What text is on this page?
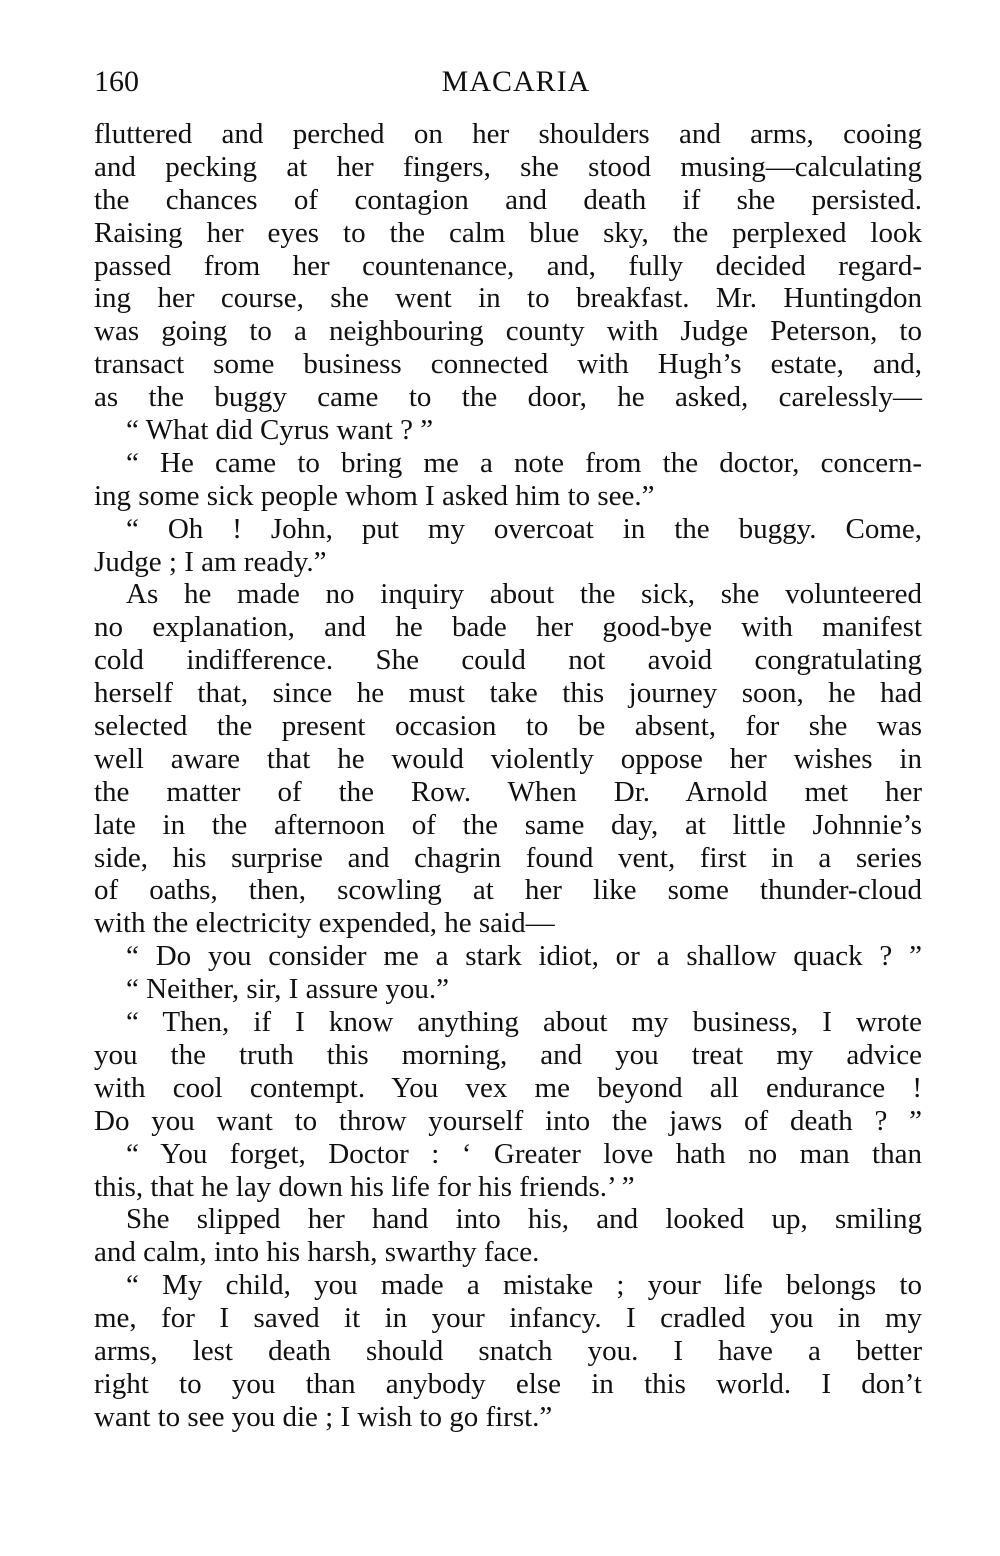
160	MACARIA
fluttered and perched on her shoulders and arms, cooing
and pecking at her fingers, she stood musing—calculating
the chances of contagion and death if she persisted.
Raising her eyes to the calm blue sky, the perplexed look
passed from her countenance, and, fully decided regard-
ing her course, she went in to breakfast. Mr. Huntingdon
was going to a neighbouring county with Judge Peterson, to
transact some business connected with Hugh’s estate, and,
as the buggy came to the door, he asked, carelessly—
“ What did Cyrus want ? ”
“ He came to bring me a note from the doctor, concern-
ing some sick people whom I asked him to see.”
“ Oh ! John, put my overcoat in the buggy. Come,
Judge ; I am ready.”
As he made no inquiry about the sick, she volunteered
no explanation, and he bade her good-bye with manifest
cold indifference. She could not avoid congratulating
herself that, since he must take this journey soon, he had
selected the present occasion to be absent, for she was
well aware that he would violently oppose her wishes in
the matter of the Row. When Dr. Arnold met her
late in the afternoon of the same day, at little Johnnie’s
side, his surprise and chagrin found vent, first in a series
of oaths, then, scowling at her like some thunder-cloud
with the electricity expended, he said—
“ Do you consider me a stark idiot, or a shallow quack ? ”
“ Neither, sir, I assure you.”
“ Then, if I know anything about my business, I wrote
you the truth this morning, and you treat my advice
with cool contempt. You vex me beyond all endurance !
Do you want to throw yourself into the jaws of death ? ”
“ You forget, Doctor : ‘ Greater love hath no man than
this, that he lay down his life for his friends.’ ”
She slipped her hand into his, and looked up, smiling
and calm, into his harsh, swarthy face.
“ My child, you made a mistake ; your life belongs to
me, for I saved it in your infancy. I cradled you in my
arms, lest death should snatch you. I have a better
right to you than anybody else in this world. I don’t
want to see you die ; I wish to go first.”
